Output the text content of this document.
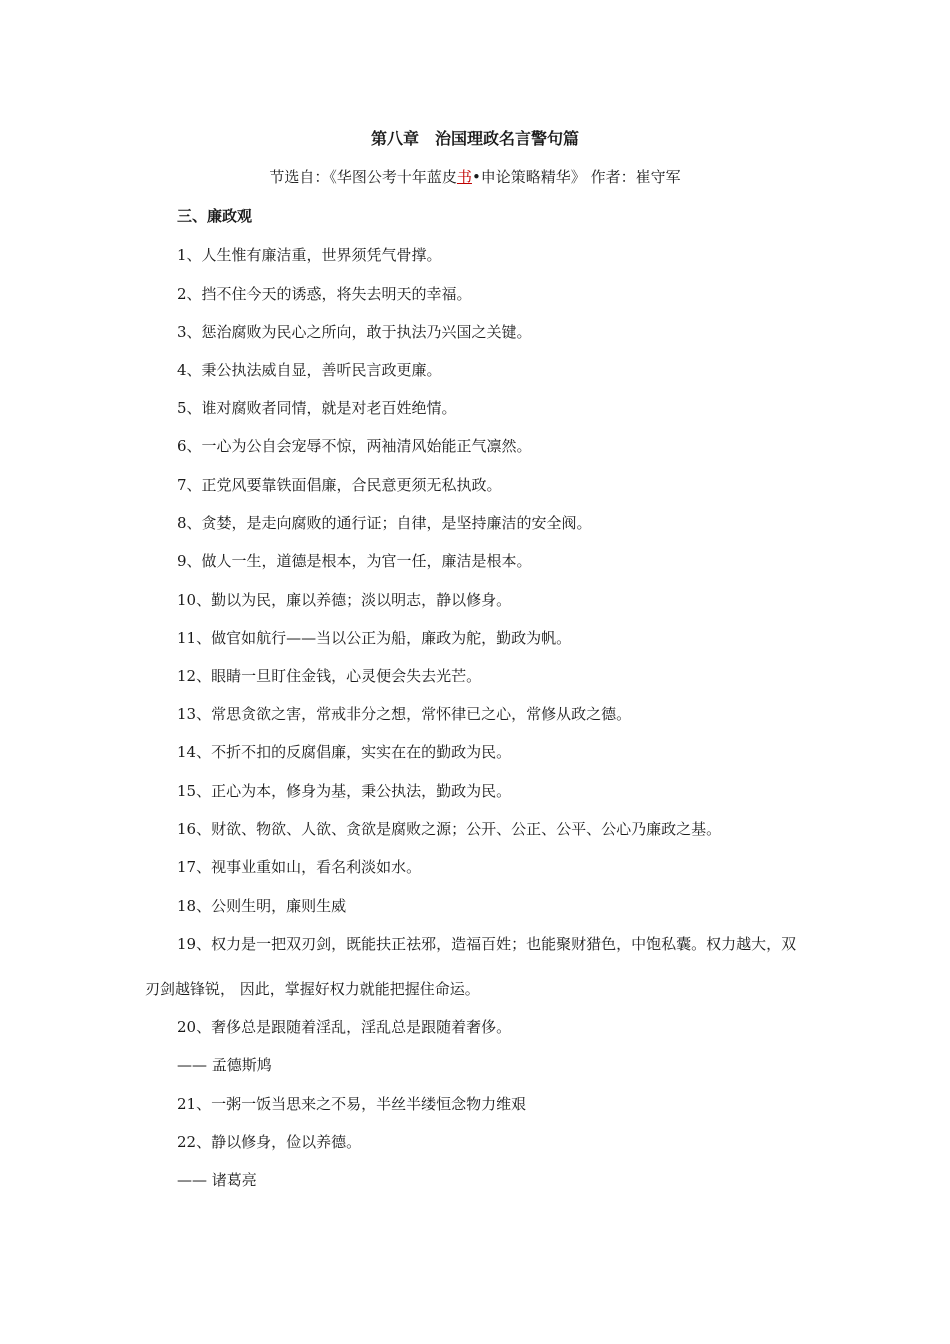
第八章　治国理政名言警句篇
节选自：《华图公考十年蓝皮书•申论策略精华》 作者：崔守军
三、廉政观
1、人生惟有廉洁重，世界须凭气骨撑。
2、挡不住今天的诱惑，将失去明天的幸福。
3、惩治腐败为民心之所向，敢于执法乃兴国之关键。
4、秉公执法威自显，善听民言政更廉。
5、谁对腐败者同情，就是对老百姓绝情。
6、一心为公自会宠辱不惊，两袖清风始能正气凛然。
7、正党风要靠铁面倡廉，合民意更须无私执政。
8、贪婪，是走向腐败的通行证；自律，是坚持廉洁的安全阀。
9、做人一生，道德是根本，为官一任，廉洁是根本。
10、勤以为民，廉以养德；淡以明志，静以修身。
11、做官如航行——当以公正为船，廉政为舵，勤政为帆。
12、眼睛一旦盯住金钱，心灵便会失去光芒。
13、常思贪欲之害，常戒非分之想，常怀律已之心，常修从政之德。
14、不折不扣的反腐倡廉，实实在在的勤政为民。
15、正心为本，修身为基，秉公执法，勤政为民。
16、财欲、物欲、人欲、贪欲是腐败之源；公开、公正、公平、公心乃廉政之基。
17、视事业重如山，看名利淡如水。
18、公则生明，廉则生威
19、权力是一把双刃剑，既能扶正祛邪，造福百姓；也能聚财猎色，中饱私囊。权力越大，双
刃剑越锋锐， 因此，掌握好权力就能把握住命运。
20、奢侈总是跟随着淫乱，淫乱总是跟随着奢侈。
—— 孟德斯鸠
21、一粥一饭当思来之不易，半丝半缕恒念物力维艰
22、静以修身，俭以养德。
—— 诸葛亮
